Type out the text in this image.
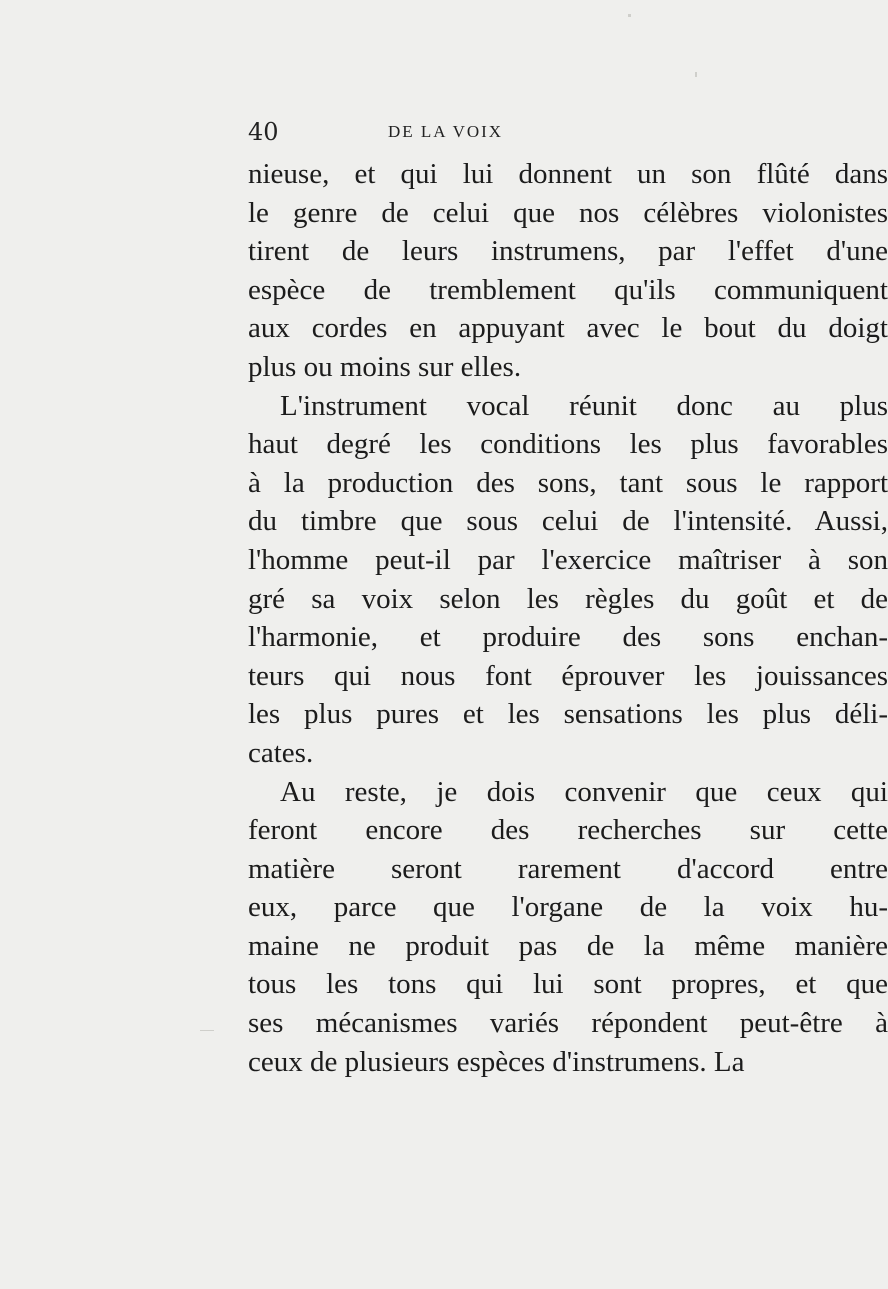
40	DE LA VOIX
nieuse, et qui lui donnent un son flûté dans
le genre de celui que nos célèbres violonistes
tirent de leurs instrumens, par l'effet d'une
espèce de tremblement qu'ils communiquent
aux cordes en appuyant avec le bout du doigt
plus ou moins sur elles.
L'instrument vocal réunit donc au plus
haut degré les conditions les plus favorables
à la production des sons, tant sous le rapport
du timbre que sous celui de l'intensité. Aussi,
l'homme peut-il par l'exercice maîtriser à son
gré sa voix selon les règles du goût et de
l'harmonie, et produire des sons enchan-
teurs qui nous font éprouver les jouissances
les plus pures et les sensations les plus déli-
cates.
Au reste, je dois convenir que ceux qui
feront encore des recherches sur cette
matière seront rarement d'accord entre
eux, parce que l'organe de la voix hu-
maine ne produit pas de la même manière
tous les tons qui lui sont propres, et que
ses mécanismes variés répondent peut-être à
ceux de plusieurs espèces d'instrumens. La
